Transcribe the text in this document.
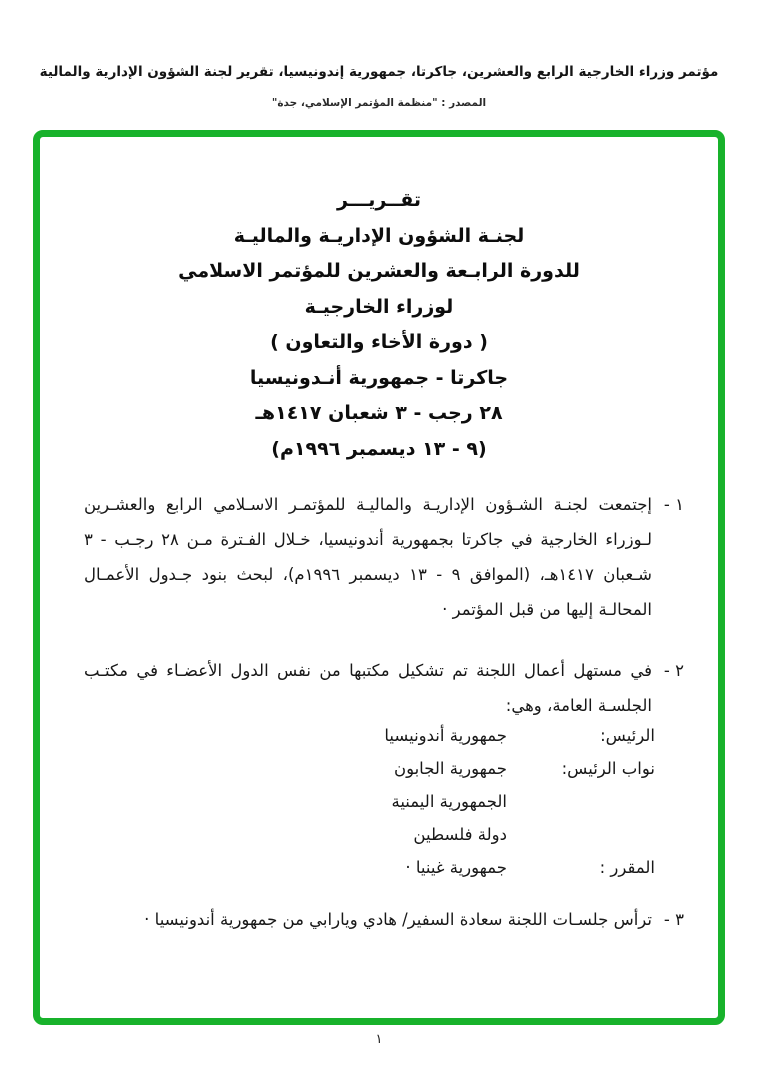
مؤتمر وزراء الخارجية الرابع والعشرين، جاكرتا، جمهورية إندونيسيا، تقرير لجنة الشؤون الإدارية والمالية
المصدر : "منظمة المؤتمر الإسلامي، جدة"
تقــريـــر
لجنـة الشؤون الإداريـة والماليـة
للدورة الرابـعة والعشرين للمؤتمر الاسلامي
لوزراء الخارجيـة
( دورة الأخاء والتعاون )
جاكرتا - جمهورية أنـدونيسيا
٢٨ رجب - ٣ شعبان ١٤١٧هـ
(٩ - ١٣ ديسمبر ١٩٩٦م)
١ -
إجتمعت لجنـة الشـؤون الإداريـة والماليـة للمؤتمـر الاسـلامي الرابع والعشـرين لـوزراء الخارجية في جاكرتا بجمهورية أندونيسيا، خـلال الفـترة مـن ٢٨ رجـب - ٣ شـعبان ١٤١٧هـ، (الموافق ٩ - ١٣ ديسمبر ١٩٩٦م)، لبحث بنود جـدول الأعمـال المحالـة إليها من قبل المؤتمر ·
٢ -
في مستهل أعمال اللجنة تم تشكيل مكتبها من نفس الدول الأعضـاء في مكتـب الجلسـة العامة، وهي:
الرئيس:
جمهورية أندونيسيا
نواب الرئيس:
جمهورية الجابون
الجمهورية اليمنية
دولة فلسطين
المقرر :
جمهورية غينيا ·
٣ -
ترأس جلسـات اللجنة سعادة السفير/ هادي ويارابي من جمهورية أندونيسيا ·
١
